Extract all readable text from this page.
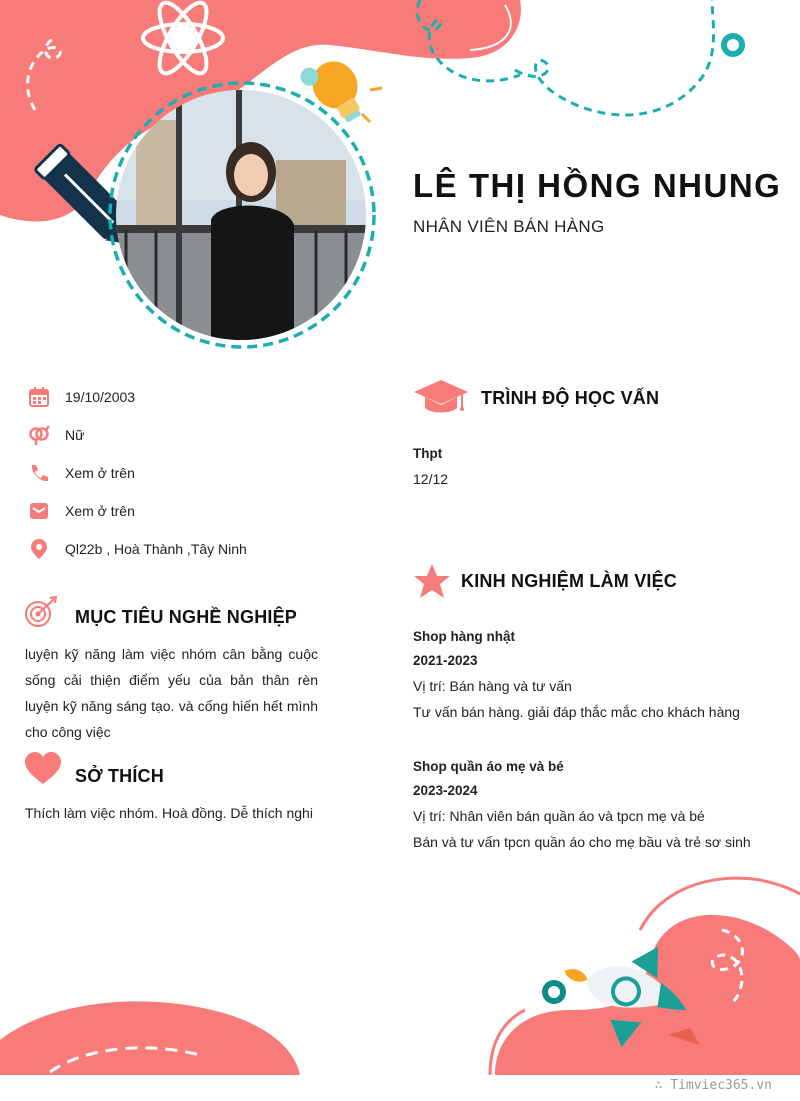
LÊ THỊ HỒNG NHUNG
NHÂN VIÊN BÁN HÀNG
19/10/2003
Nữ
Xem ở trên
Xem ở trên
Ql22b , Hoà Thành ,Tây Ninh
MỤC TIÊU NGHỀ NGHIỆP
luyện kỹ năng làm việc nhóm cân bằng cuộc sống cải thiện điểm yếu của bản thân rèn luyện kỹ năng sáng tạo. và cống hiến hết mình cho công việc
SỞ THÍCH
Thích làm việc nhóm. Hoà đồng. Dễ thích nghi
TRÌNH ĐỘ HỌC VẤN
Thpt
12/12
KINH NGHIỆM LÀM VIỆC
Shop hàng nhật
2021-2023
Vị trí: Bán hàng và tư vấn
Tư vấn bán hàng. giải đáp thắc mắc cho khách hàng
Shop quần áo mẹ và bé
2023-2024
Vị trí: Nhân viên bán quần áo và tpcn mẹ và bé
Bán và tư vấn tpcn quần áo cho mẹ bầu và trẻ sơ sinh
∴ Timviec365.vn
